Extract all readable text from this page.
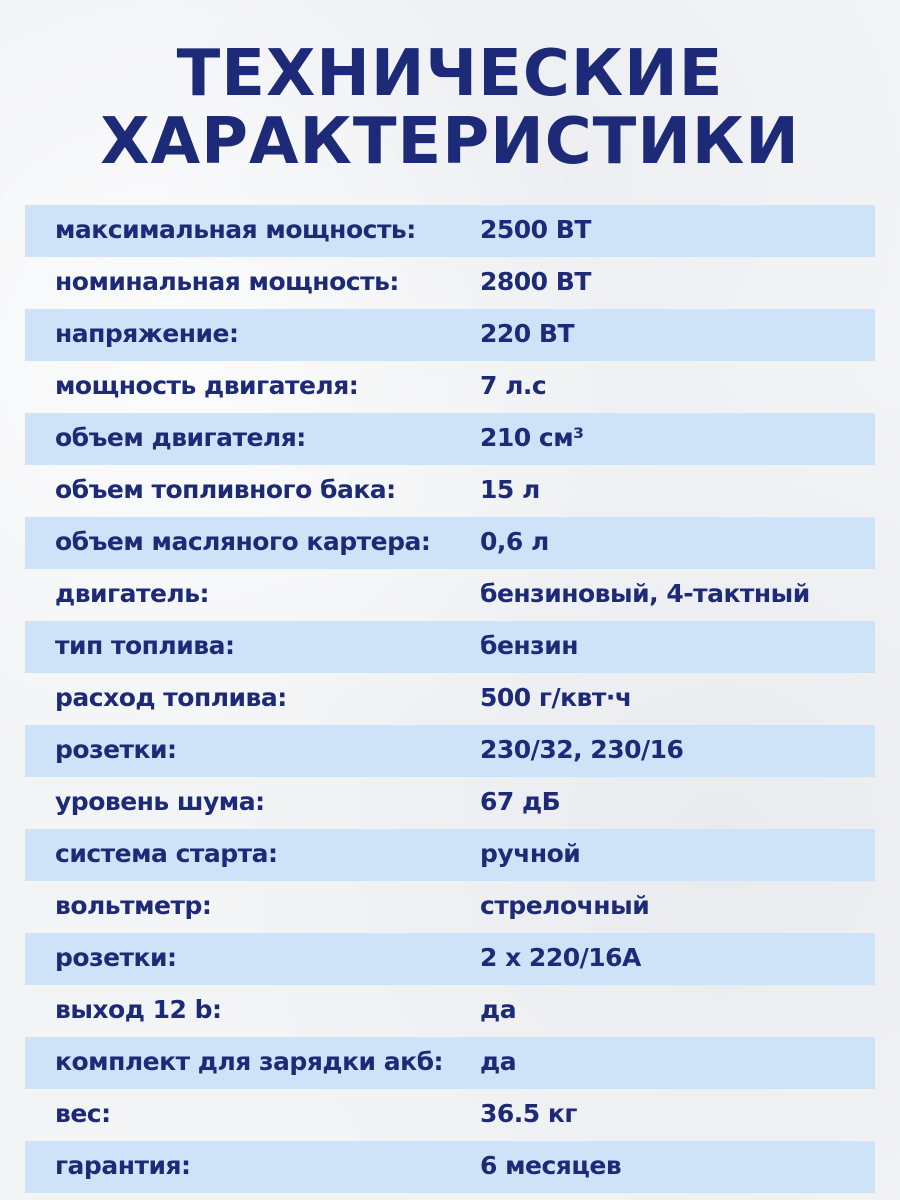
ТЕХНИЧЕСКИЕ
ХАРАКТЕРИСТИКИ
максимальная мощность:	2500 ВТ
номинальная мощность:	2800 ВТ
напряжение:	220 ВТ
мощность двигателя:	7 л.с
объем двигателя:	210 см³
объем топливного бака:	15 л
объем масляного картера: 0,6 л
двигатель:	бензиновый, 4-тактный
тип топлива:	бензин
расход топлива:	500 г/квт·ч
розетки:	230/32, 230/16
уровень шума:	67 дБ
система старта:	ручной
вольтметр:	стрелочный
розетки:	2 х 220/16А
выход 12 b:	да
комплект для зарядки акб: да
вес:	36.5 кг
гарантия:	6 месяцев
